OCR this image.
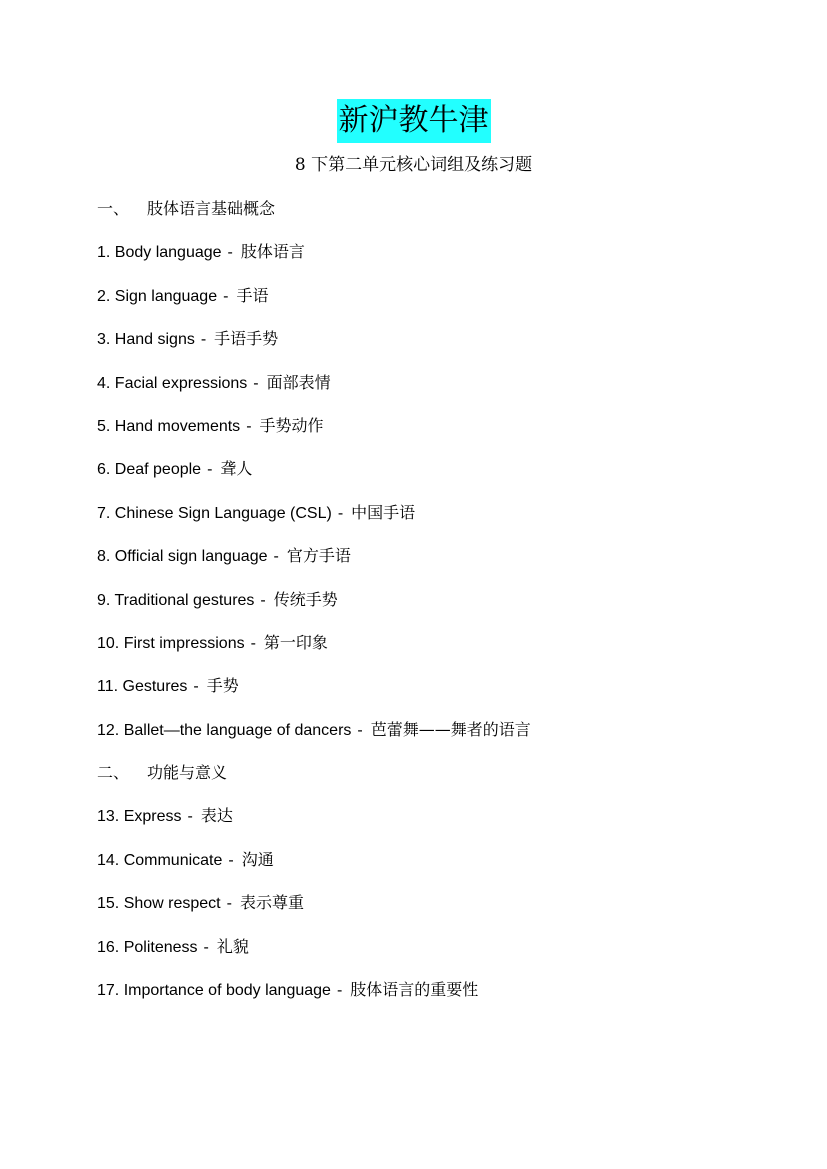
新沪教牛津
8 下第二单元核心词组及练习题
一、 肢体语言基础概念
1. Body language - 肢体语言
2. Sign language - 手语
3. Hand signs - 手语手势
4. Facial expressions - 面部表情
5. Hand movements - 手势动作
6. Deaf people - 聋人
7. Chinese Sign Language (CSL) - 中国手语
8. Official sign language - 官方手语
9. Traditional gestures - 传统手势
10. First impressions - 第一印象
11. Gestures - 手势
12. Ballet—the language of dancers - 芭蕾舞——舞者的语言
二、 功能与意义
13. Express - 表达
14. Communicate - 沟通
15. Show respect - 表示尊重
16. Politeness - 礼貌
17. Importance of body language - 肢体语言的重要性
